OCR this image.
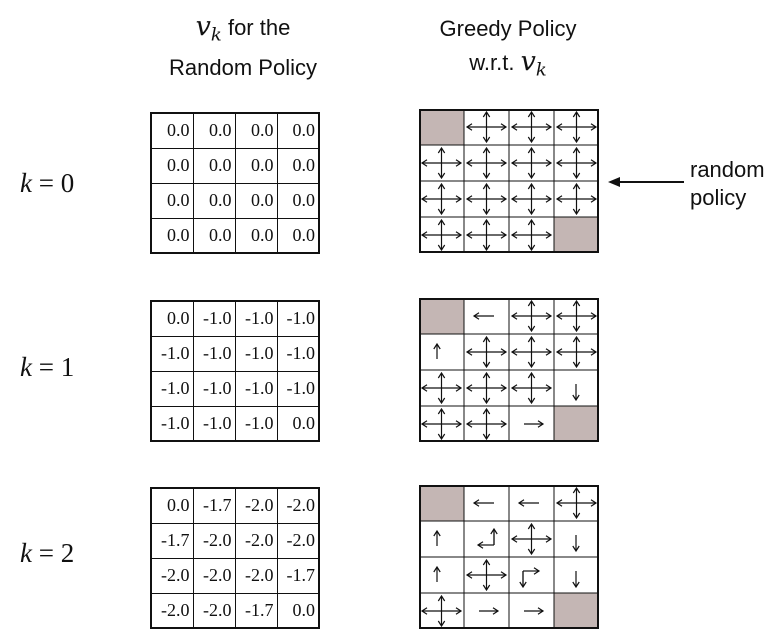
$v_k$ for the
Random Policy
Greedy Policy
w.r.t. $v_k$
random
policy
k = 0
k = 1
k = 2
0.0	0.0	0.0	0.0
0.0	0.0	0.0	0.0
0.0	0.0	0.0	0.0
0.0	0.0	0.0	0.0
0.0	-1.0	-1.0	-1.0
-1.0	-1.0	-1.0	-1.0
-1.0	-1.0	-1.0	-1.0
-1.0	-1.0	-1.0	0.0
0.0	-1.7	-2.0	-2.0
-1.7	-2.0	-2.0	-2.0
-2.0	-2.0	-2.0	-1.7
-2.0	-2.0	-1.7	0.0
